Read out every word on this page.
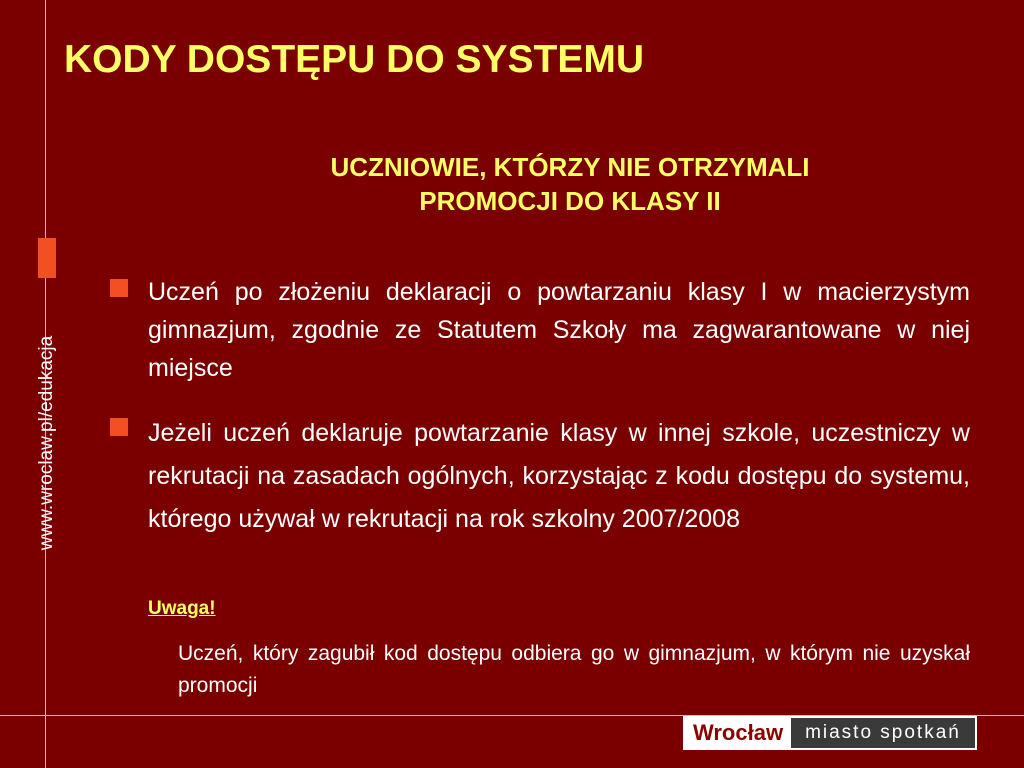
www.wroclaw.pl/edukacja
KODY DOSTĘPU DO SYSTEMU
UCZNIOWIE, KTÓRZY NIE OTRZYMALI
PROMOCJI DO KLASY II
Uczeń po złożeniu deklaracji o powtarzaniu klasy I w macierzystym gimnazjum, zgodnie ze Statutem Szkoły ma zagwarantowane w niej miejsce
Jeżeli uczeń deklaruje powtarzanie klasy w innej szkole, uczestniczy w rekrutacji na zasadach ogólnych, korzystając z kodu dostępu do systemu, którego używał w rekrutacji na rok szkolny 2007/2008
Uwaga!
Uczeń, który zagubił kod dostępu odbiera go w gimnazjum, w którym nie uzyskał promocji
Wrocław	miasto spotkań
